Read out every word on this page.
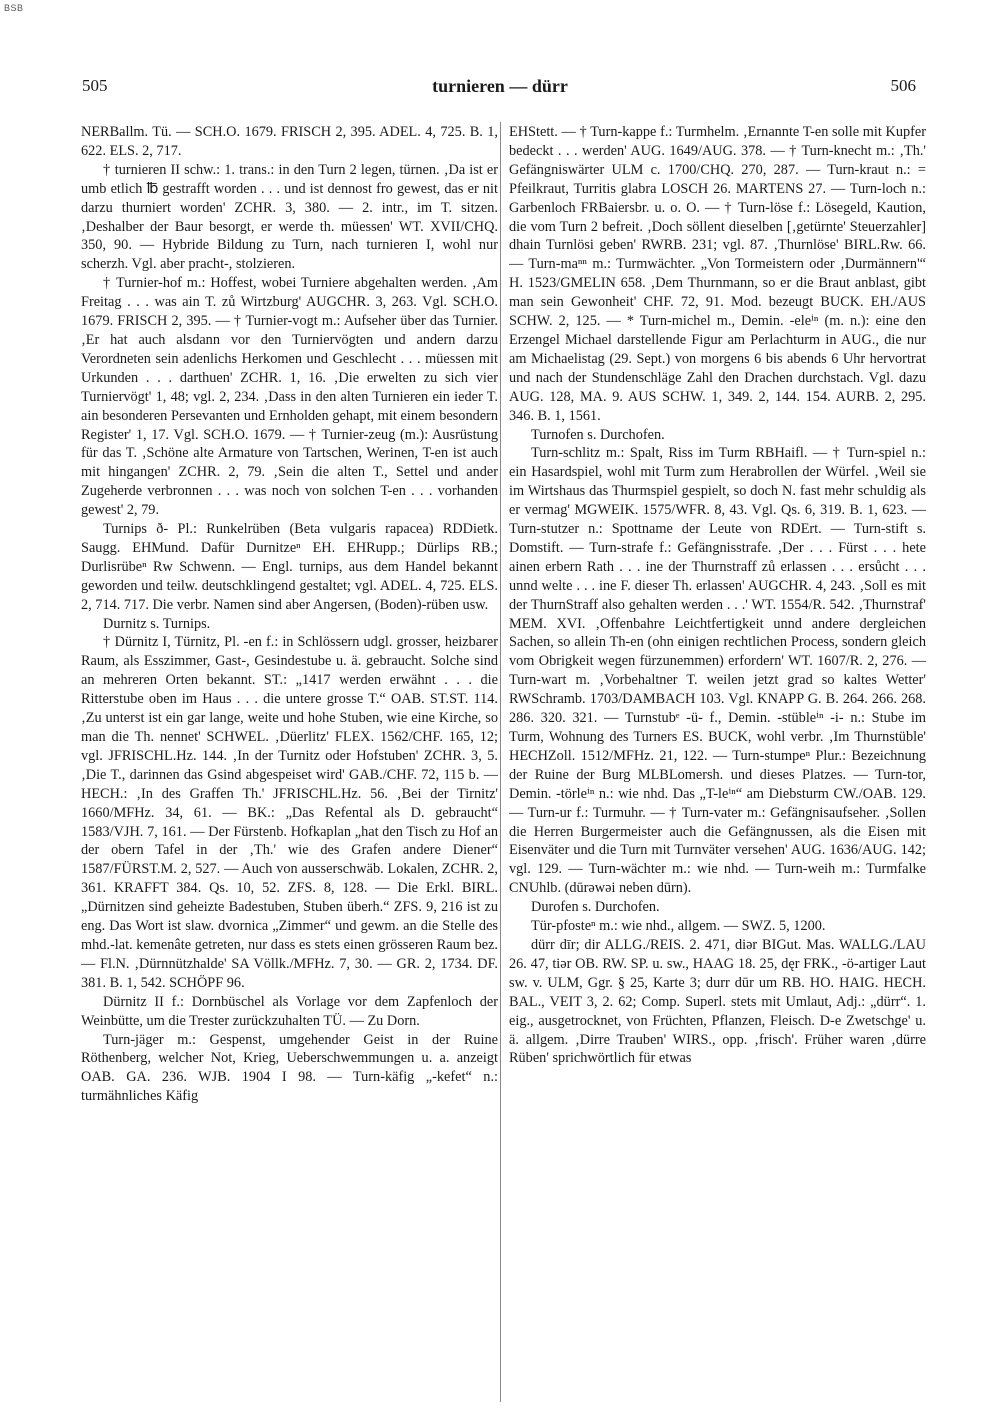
BSB
505	turnieren — dürr	506

NERBallm. Tü. — SCH.O. 1679. FRISCH 2, 395. ADEL. 4, 725. B. 1, 622. ELS. 2, 717.

† turnieren II schw.: 1. trans.: in den Turn 2 legen, türnen. ‚Da ist er umb etlich ℔ gestrafft worden . . . und ist dennost fro gewest, das er nit darzu thurniert worden' ZCHR. 3, 380. — 2. intr., im T. sitzen. ‚Deshalber der Baur besorgt, er werde th. müessen' WT. XVII/CHQ. 350, 90. — Hybride Bildung zu Turn, nach turnieren I, wohl nur scherzh. Vgl. aber pracht-, stolzieren.

† Turnier-hof m.: Hoffest, wobei Turniere abgehalten werden. ‚Am Freitag . . . was ain T. zů Wirtzburg' AUGCHR. 3, 263. Vgl. SCH.O. 1679. FRISCH 2, 395. — † Turnier-vogt m.: Aufseher über das Turnier. ‚Er hat auch alsdann vor den Turniervögten und andern darzu Verordneten sein adenlichs Herkomen und Geschlecht . . . müessen mit Urkunden . . . darthuen' ZCHR. 1, 16. ‚Die erwelten zu sich vier Turniervögt' 1, 48; vgl. 2, 234. ‚Dass in den alten Turnieren ein ieder T. ain besonderen Persevanten und Ernholden gehapt, mit einem besondern Register' 1, 17. Vgl. SCH.O. 1679. — † Turnier-zeug (m.): Ausrüstung für das T. ‚Schöne alte Armature von Tartschen, Werinen, T-en ist auch mit hingangen' ZCHR. 2, 79. ‚Sein die alten T., Settel und ander Zugeherde verbronnen . . . was noch von solchen T-en . . . vorhanden gewest' 2, 79.

Turnips ð- Pl.: Runkelrüben (Beta vulgaris rapacea) RDDietk. Saugg. EHMund. Dafür Durnitzeⁿ EH. EHRupp.; Dürlips RB.; Durlisrübeⁿ Rw Schwenn. — Engl. turnips, aus dem Handel bekannt geworden und teilw. deutschklingend gestaltet; vgl. ADEL. 4, 725. ELS. 2, 714. 717. Die verbr. Namen sind aber Angersen, (Boden)-rüben usw.

Durnitz s. Turnips.

† Dürnitz I, Türnitz, Pl. -en f.: in Schlössern udgl. grosser, heizbarer Raum, als Esszimmer, Gast-, Gesindestube u. ä. gebraucht. Solche sind an mehreren Orten bekannt. ST.: „1417 werden erwähnt . . . die Ritterstube oben im Haus . . . die untere grosse T.“ OAB. ST.ST. 114. ‚Zu unterst ist ein gar lange, weite und hohe Stuben, wie eine Kirche, so man die Th. nennet' SCHWEL. ‚Düerlitz' FLEX. 1562/CHF. 165, 12; vgl. JFRISCHL.Hz. 144. ‚In der Turnitz oder Hofstuben' ZCHR. 3, 5. ‚Die T., darinnen das Gsind abgespeiset wird' GAB./CHF. 72, 115 b. — HECH.: ‚In des Graffen Th.' JFRISCHL.Hz. 56. ‚Bei der Tirnitz' 1660/MFHz. 34, 61. — BK.: „Das Refental als D. gebraucht“ 1583/VJH. 7, 161. — Der Fürstenb. Hofkaplan „hat den Tisch zu Hof an der obern Tafel in der ‚Th.' wie des Grafen andere Diener“ 1587/FÜRST.M. 2, 527. — Auch von ausserschwäb. Lokalen, ZCHR. 2, 361. KRAFFT 384. Qs. 10, 52. ZFS. 8, 128. — Die Erkl. BIRL. „Dürnitzen sind geheizte Badestuben, Stuben überh.“ ZFS. 9, 216 ist zu eng. Das Wort ist slaw. dvornica „Zimmer“ und gewm. an die Stelle des mhd.-lat. kemenâte getreten, nur dass es stets einen grösseren Raum bez. — Fl.N. ‚Dürnnützhalde' SA Völlk./MFHz. 7, 30. — GR. 2, 1734. DF. 381. B. 1, 542. SCHÖPF 96.

Dürnitz II f.: Dornbüschel als Vorlage vor dem Zapfenloch der Weinbütte, um die Trester zurückzuhalten TÜ. — Zu Dorn.

Turn-jäger m.: Gespenst, umgehender Geist in der Ruine Röthenberg, welcher Not, Krieg, Ueberschwemmungen u. a. anzeigt OAB. GA. 236. WJB. 1904 I 98. — Turn-käfig „-kefet“ n.: turmähnliches Käfig

EHStett. — † Turn-kappe f.: Turmhelm. ‚Ernannte T-en solle mit Kupfer bedeckt . . . werden' AUG. 1649/AUG. 378. — † Turn-knecht m.: ‚Th.' Gefängniswärter ULM c. 1700/CHQ. 270, 287. — Turn-kraut n.: = Pfeilkraut, Turritis glabra LOSCH 26. MARTENS 27. — Turn-loch n.: Garbenloch FRBaiersbr. u. o. O. — † Turn-löse f.: Lösegeld, Kaution, die vom Turn 2 befreit. ‚Doch söllent dieselben [‚getürnte' Steuerzahler] dhain Turnlösi geben' RWRB. 231; vgl. 87. ‚Thurnlöse' BIRL.Rw. 66. — Turn-maⁿⁿ m.: Turmwächter. „Von Tormeistern oder ‚Durmännern'“ H. 1523/GMELIN 658. ‚Dem Thurnmann, so er die Braut anblast, gibt man sein Gewonheit' CHF. 72, 91. Mod. bezeugt BUCK. EH./AUS SCHW. 2, 125. — * Turn-michel m., Demin. -eleⁱⁿ (m. n.): eine den Erzengel Michael darstellende Figur am Perlachturm in AUG., die nur am Michaelistag (29. Sept.) von morgens 6 bis abends 6 Uhr hervortrat und nach der Stundenschläge Zahl den Drachen durchstach. Vgl. dazu AUG. 128, MA. 9. AUS SCHW. 1, 349. 2, 144. 154. AURB. 2, 295. 346. B. 1, 1561.

Turnofen s. Durchofen.

Turn-schlitz m.: Spalt, Riss im Turm RBHaifl. — † Turn-spiel n.: ein Hasardspiel, wohl mit Turm zum Herabrollen der Würfel. ‚Weil sie im Wirtshaus das Thurmspiel gespielt, so doch N. fast mehr schuldig als er vermag' MGWEIK. 1575/WFR. 8, 43. Vgl. Qs. 6, 319. B. 1, 623. — Turn-stutzer n.: Spottname der Leute von RDErt. — Turn-stift s. Domstift. — Turn-strafe f.: Gefängnisstrafe. ‚Der . . . Fürst . . . hete ainen erbern Rath . . . ine der Thurnstraff zů erlassen . . . ersůcht . . . unnd welte . . . ine F. dieser Th. erlassen' AUGCHR. 4, 243. ‚Soll es mit der ThurnStraff also gehalten werden . . .' WT. 1554/R. 542. ‚Thurnstraf' MEM. XVI. ‚Offenbahre Leichtfertigkeit unnd andere dergleichen Sachen, so allein Th-en (ohn einigen rechtlichen Process, sondern gleich vom Obrigkeit wegen fürzunemmen) erfordern' WT. 1607/R. 2, 276. — Turn-wart m. ‚Vorbehaltner T. weilen jetzt grad so kaltes Wetter' RWSchramb. 1703/DAMBACH 103. Vgl. KNAPP G. B. 264. 266. 268. 286. 320. 321. — Turnstubᵉ -ü- f., Demin. -stübleⁱⁿ -i- n.: Stube im Turm, Wohnung des Turners ES. BUCK, wohl verbr. ‚Im Thurnstüble' HECHZoll. 1512/MFHz. 21, 122. — Turn-stumpeⁿ Plur.: Bezeichnung der Ruine der Burg MLBLomersh. und dieses Platzes. — Turn-tor, Demin. -törleⁱⁿ n.: wie nhd. Das „T-leⁱⁿ“ am Diebsturm CW./OAB. 129. — Turn-ur f.: Turmuhr. — † Turn-vater m.: Gefängnisaufseher. ‚Sollen die Herren Burgermeister auch die Gefängnussen, als die Eisen mit Eisenväter und die Turn mit Turnväter versehen' AUG. 1636/AUG. 142; vgl. 129. — Turn-wächter m.: wie nhd. — Turn-weih m.: Turmfalke CNUhlb. (dūrəwəi neben dūrn).

Durofen s. Durchofen.

Tür-pfosteⁿ m.: wie nhd., allgem. — SWZ. 5, 1200.

dürr dīr; dir ALLG./REIS. 2. 471, diər BIGut. Mas. WALLG./LAU 26. 47, tiər OB. RW. SP. u. sw., HAAG 18. 25, dęr FRK., -ö-artiger Laut sw. v. ULM, Ggr. § 25, Karte 3; durr dūr um RB. HO. HAIG. HECH. BAL., VEIT 3, 2. 62; Comp. Superl. stets mit Umlaut, Adj.: „dürr“. 1. eig., ausgetrocknet, von Früchten, Pflanzen, Fleisch. D-e Zwetschge' u. ä. allgem. ‚Dirre Trauben' WIRS., opp. ‚frisch'. Früher waren ‚dürre Rüben' sprichwörtlich für etwas
